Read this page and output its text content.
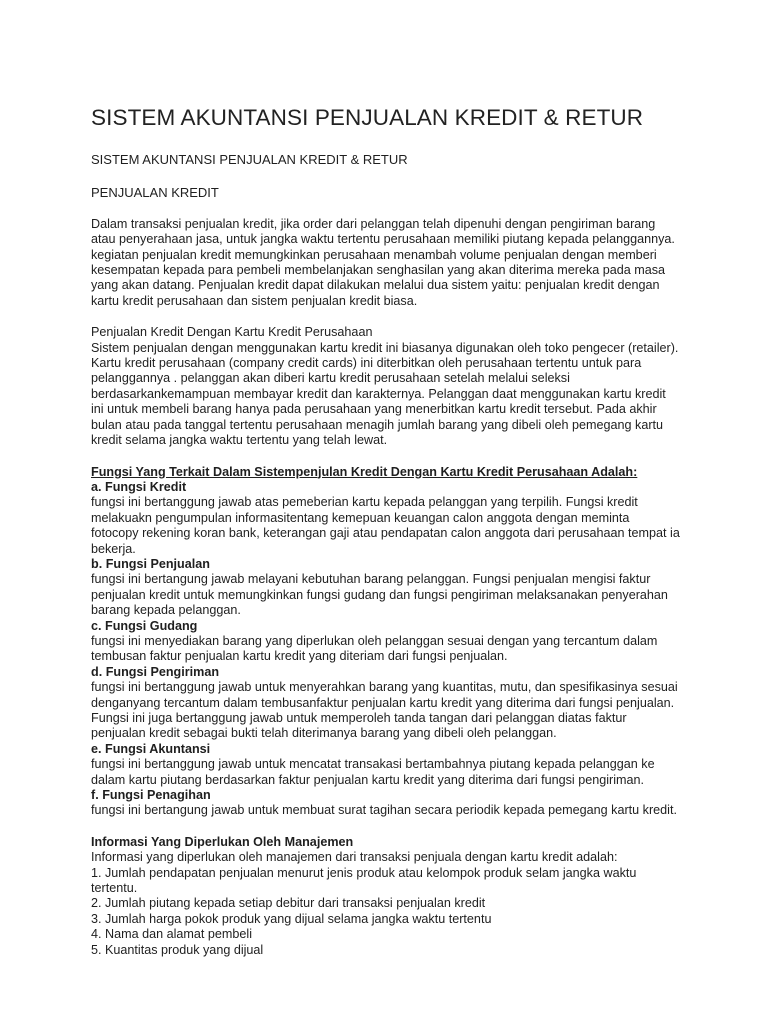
SISTEM AKUNTANSI PENJUALAN KREDIT & RETUR

SISTEM AKUNTANSI PENJUALAN KREDIT & RETUR

PENJUALAN KREDIT

Dalam transaksi penjualan kredit, jika order dari pelanggan telah dipenuhi dengan pengiriman barang

atau penyerahaan jasa, untuk jangka waktu tertentu perusahaan memiliki piutang kepada pelanggannya.

kegiatan penjualan kredit memungkinkan perusahaan menambah volume penjualan dengan memberi

kesempatan kepada para pembeli membelanjakan senghasilan yang akan diterima mereka pada masa

yang akan datang. Penjualan kredit dapat dilakukan melalui dua sistem yaitu: penjualan kredit dengan

kartu kredit perusahaan dan sistem penjualan kredit biasa.

Penjualan Kredit Dengan Kartu Kredit Perusahaan

Sistem penjualan dengan menggunakan kartu kredit ini biasanya digunakan oleh toko pengecer (retailer).

Kartu kredit perusahaan (company credit cards) ini diterbitkan oleh perusahaan tertentu untuk para

pelanggannya . pelanggan akan diberi kartu kredit perusahaan setelah melalui seleksi

berdasarkankemampuan membayar kredit dan karakternya. Pelanggan daat menggunakan kartu kredit

ini untuk membeli barang hanya pada perusahaan yang menerbitkan kartu kredit tersebut. Pada akhir

bulan atau pada tanggal tertentu perusahaan menagih jumlah barang yang dibeli oleh pemegang kartu

kredit selama jangka waktu tertentu yang telah lewat.

Fungsi Yang Terkait Dalam Sistempenjulan Kredit Dengan Kartu Kredit Perusahaan Adalah:

a. Fungsi Kredit

fungsi ini bertanggung jawab atas pemeberian kartu kepada pelanggan yang terpilih. Fungsi kredit

melakuakn pengumpulan informasitentang kemepuan keuangan calon anggota dengan meminta

fotocopy rekening koran bank, keterangan gaji atau pendapatan calon anggota dari perusahaan tempat ia

bekerja.

b. Fungsi Penjualan

fungsi ini bertangung jawab melayani kebutuhan barang pelanggan. Fungsi penjualan mengisi faktur

penjualan kredit untuk memungkinkan fungsi gudang dan fungsi pengiriman melaksanakan penyerahan

barang kepada pelanggan.

c. Fungsi Gudang

fungsi ini menyediakan barang yang diperlukan oleh pelanggan sesuai dengan yang tercantum dalam

tembusan faktur penjualan kartu kredit yang diteriam dari fungsi penjualan.

d. Fungsi Pengiriman

fungsi ini bertanggung jawab untuk menyerahkan barang yang kuantitas, mutu, dan spesifikasinya sesuai

denganyang tercantum dalam tembusanfaktur penjualan kartu kredit yang diterima dari fungsi penjualan.

Fungsi ini juga bertanggung jawab untuk memperoleh tanda tangan dari pelanggan diatas faktur

penjualan kredit sebagai bukti telah diterimanya barang yang dibeli oleh pelanggan.

e. Fungsi Akuntansi

fungsi ini bertanggung jawab untuk mencatat transakasi bertambahnya piutang kepada pelanggan ke

dalam kartu piutang berdasarkan faktur penjualan kartu kredit yang diterima dari fungsi pengiriman.

f. Fungsi Penagihan

fungsi ini bertangung jawab untuk membuat surat tagihan secara periodik kepada pemegang kartu kredit.

Informasi Yang Diperlukan Oleh Manajemen

Informasi yang diperlukan oleh manajemen dari transaksi penjuala dengan kartu kredit adalah:

1. Jumlah pendapatan penjualan menurut jenis produk atau kelompok produk selam jangka waktu

tertentu.

2. Jumlah piutang kepada setiap debitur dari transaksi penjualan kredit

3. Jumlah harga pokok produk yang dijual selama jangka waktu tertentu

4. Nama dan alamat pembeli

5. Kuantitas produk yang dijual
